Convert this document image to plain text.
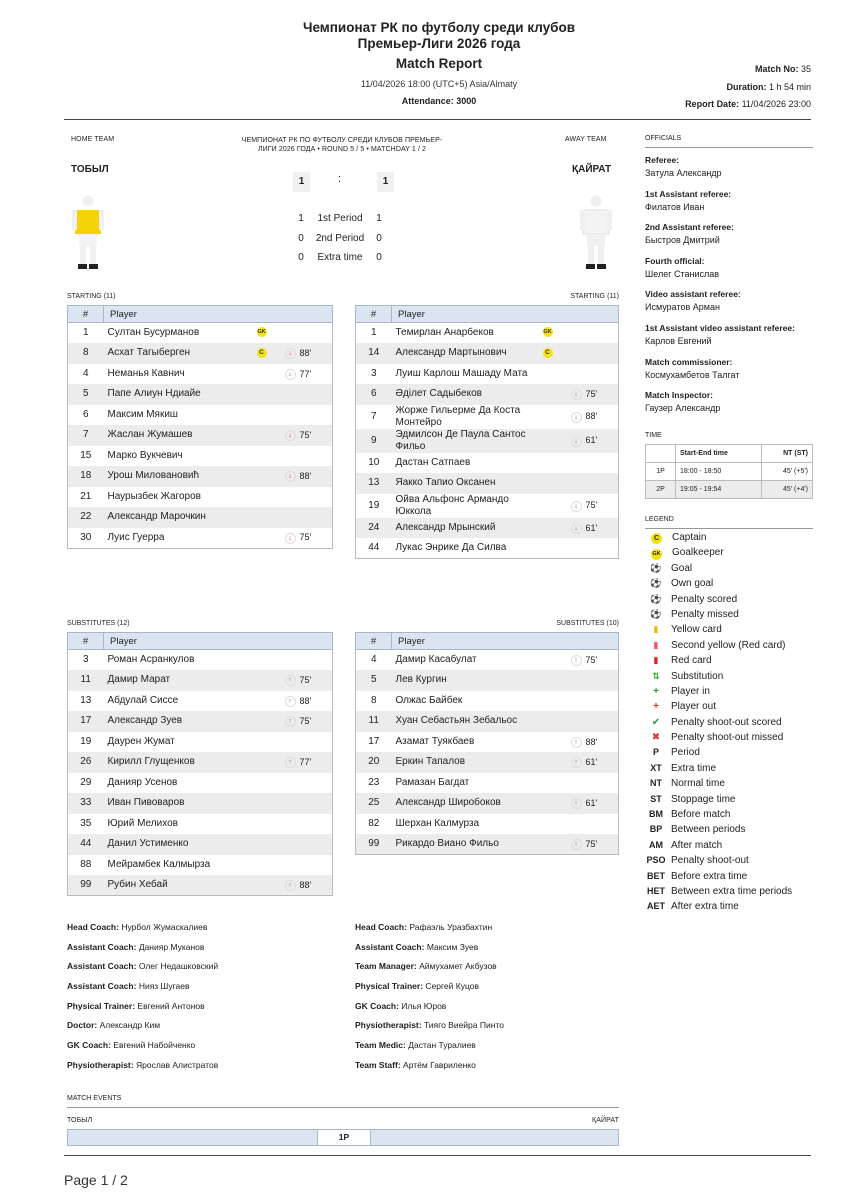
Чемпионат РК по футболу среди клубов
Премьер-Лиги 2026 года
Match Report
11/04/2026 18:00 (UTC+5) Asia/Almaty
Attendance: 3000
Match No: 35
Duration: 1 h 54 min
Report Date: 11/04/2026 23:00
HOME TEAM	AWAY TEAM
ЧЕМПИОНАТ РК ПО ФУТБОЛУ СРЕДИ КЛУБОВ ПРЕМЬЕР-
ЛИГИ 2026 ГОДА • ROUND 5 / 5 • MATCHDAY 1 / 2
ТОБЫЛ	ҚАЙРАТ
1	:	1
1 1st Period 1
0 2nd Period 0
0 Extra time 0
STARTING (11)	STARTING (11)
#	Player		
1	Султан Бусурманов	GK	
8	Асхат Тагыберген	C	↓ 88'
4	Неманья Кавнич		↓ 77'
5	Папе Алиун Ндиайе		
6	Максим Мякиш		
7	Жаслан Жумашев		↓ 75'
15	Марко Вукчевич		
18	Урош Миловановић		↓ 88'
21	Наурызбек Жагоров		
22	Александр Марочкин		
30	Луис Гуерра		↓ 75'
#	Player		
1	Темирлан Анарбеков	GK	
14	Александр Мартынович	C	
3	Луиш Карлош Машаду Мата		
6	Әділет Садыбеков		↓ 75'
7	Жорже Гильерме Да Коста Монтейро		↓ 88'
9	Эдмилсон Де Паула Сантос Фильо		↓ 61'
10	Дастан Сатпаев		
13	Яакко Тапио Оксанен		
19	Ойва Альфонс Армандо Юккола		↓ 75'
24	Александр Мрынский		↓ 61'
44	Лукас Энрике Да Силва		
SUBSTITUTES (12)	SUBSTITUTES (10)
#	Player		
3	Роман Асранкулов		
11	Дамир Марат		↑ 75'
13	Абдулай Сиссе		↑ 88'
17	Александр Зуев		↑ 75'
19	Даурен Жумат		
26	Кирилл Глущенков		↑ 77'
29	Данияр Усенов		
33	Иван Пивоваров		
35	Юрий Мелихов		
44	Данил Устименко		
88	Мейрамбек Калмырза		
99	Рубин Хебай		↑ 88'
#	Player		
4	Дамир Касабулат		↑ 75'
5	Лев Кургин		
8	Олжас Байбек		
11	Хуан Себастьян Зебальос		
17	Азамат Туякбаев		↑ 88'
20	Еркин Тапалов		↑ 61'
23	Рамазан Багдат		
25	Александр Широбоков		↑ 61'
82	Шерхан Калмурза		
99	Рикардо Виано Фильо		↑ 75'
OFFICIALS
Referee:
Затула Александр
1st Assistant referee:
Филатов Иван
2nd Assistant referee:
Быстров Дмитрий
Fourth official:
Шелег Станислав
Video assistant referee:
Исмуратов Арман
1st Assistant video assistant referee:
Карлов Евгений
Match commissioner:
Космухамбетов Талгат
Match Inspector:
Гаузер Александр
TIME
	Start-End time	NT (ST)
1P	18:00 - 18:50	45' (+5')
2P	19:05 - 19:54	45' (+4')
LEGEND
C Captain
GK Goalkeeper
⚽ Goal
⚽ Own goal
⚽ Penalty scored
⚽ Penalty missed
▮ Yellow card
▮ Second yellow (Red card)
▮ Red card
⇅ Substitution
+ Player in
+ Player out
✔ Penalty shoot-out scored
✖ Penalty shoot-out missed
P Period
XT Extra time
NT Normal time
ST Stoppage time
BM Before match
BP Between periods
AM After match
PSO Penalty shoot-out
BET Before extra time
HET Between extra time periods
AET After extra time
Head Coach: Нурбол Жумаскалиев
Assistant Coach: Данияр Муканов
Assistant Coach: Олег Недашковский
Assistant Coach: Нияз Шугаев
Physical Trainer: Евгений Антонов
Doctor: Александр Ким
GK Coach: Евгений Набойченко
Physiotherapist: Ярослав Алистратов
Head Coach: Рафаэль Уразбахтин
Assistant Coach: Максим Зуев
Team Manager: Аймухамет Акбузов
Physical Trainer: Сергей Куцов
GK Coach: Илья Юров
Physiotherapist: Тияго Виейра Пинто
Team Medic: Дастан Туралиев
Team Staff: Артём Гавриленко
MATCH EVENTS
ТОБЫЛ	ҚАЙРАТ
1P
Page 1 / 2
